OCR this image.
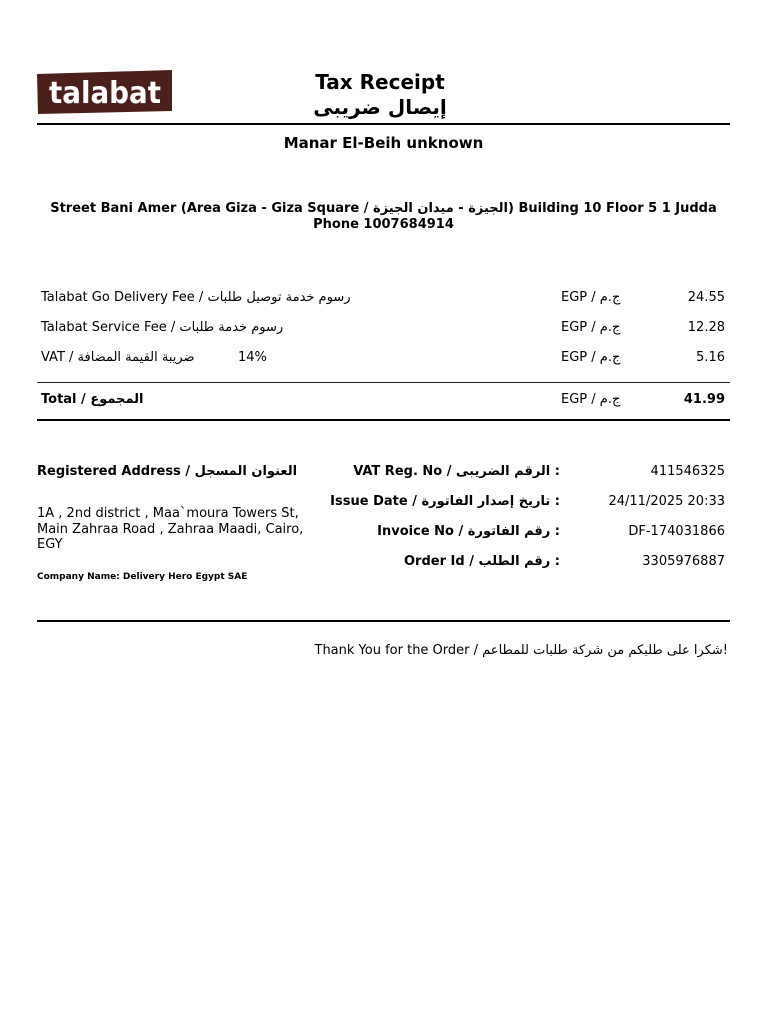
talabat	Tax Receipt
إيصال ضريبى
Manar El-Beih unknown
Street Bani Amer (Area Giza - Giza Square / الجيزة - ميدان الجيزة) Building 10 Floor 5 1 Judda
Phone 1007684914
Talabat Go Delivery Fee / رسوم خدمة توصيل طلبات	EGP / ج.م	24.55
Talabat Service Fee / رسوم خدمة طلبات	EGP / ج.م	12.28
VAT / ضريبة القيمة المضافة	14%	EGP / ج.م	5.16
Total / المجموع	EGP / ج.م	41.99
Registered Address / العنوان المسجل
1A , 2nd district , Maa`moura Towers St, Main Zahraa Road , Zahraa Maadi, Cairo, EGY
Company Name: Delivery Hero Egypt SAE
VAT Reg. No / الرقم الضريبى :	411546325
Issue Date / تاريخ إصدار الفاتورة :	24/11/2025 20:33
Invoice No / رقم الفاتورة :	DF-174031866
Order Id / رقم الطلب :	3305976887
Thank You for the Order / شكرا على طلبكم من شركة طلبات للمطاعم!
